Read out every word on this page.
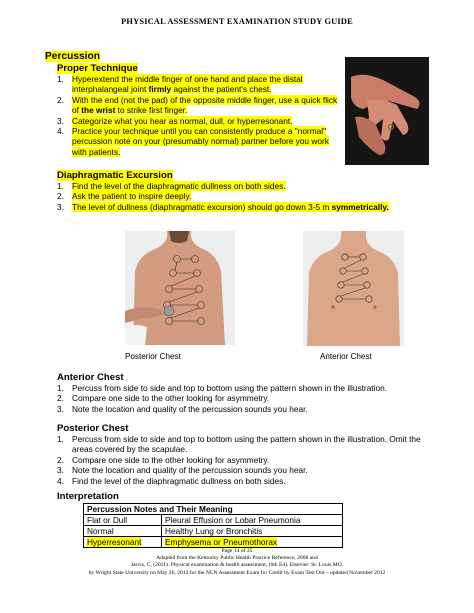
PHYSICAL ASSESSMENT EXAMINATION STUDY GUIDE
Percussion
Proper Technique
1. Hyperextend the middle finger of one hand and place the distal interphalangeal joint firmly against the patient's chest.
2. With the end (not the pad) of the opposite middle finger, use a quick flick of the wrist to strike first finger.
3. Categorize what you hear as normal, dull, or hyperresonant.
4. Practice your technique until you can consistently produce a "normal" percussion note on your (presumably normal) partner before you work with patients.
Diaphragmatic Excursion
1. Find the level of the diaphragmatic dullness on both sides.
2. Ask the patient to inspire deeply.
3. The level of dullness (diaphragmatic excursion) should go down 3-5 m symmetrically.
Posterior Chest	Anterior Chest
Anterior Chest
1. Percuss from side to side and top to bottom using the pattern shown in the illustration.
2. Compare one side to the other looking for asymmetry.
3. Note the location and quality of the percussion sounds you hear.
Posterior Chest
1. Percuss from side to side and top to bottom using the pattern shown in the illustration. Omit the areas covered by the scapulae.
2. Compare one side to the other looking for asymmetry.
3. Note the location and quality of the percussion sounds you hear.
4. Find the level of the diaphragmatic dullness on both sides.
Interpretation
Percussion Notes and Their Meaning	
Flat or Dull	Pleural Effusion or Lobar Pneumonia
Normal	Healthy Lung or Bronchitis
Hyperresonant	Emphysema or Pneumothorax
Page 14 of 35
Adapted from the Kentucky Public Health Practice Reference, 2008 and
Jarvis, C, (2011). Physical examination & health assessment, (6th Ed). Elsevier: St. Louis.MO.
by Wright State University on May 26, 2012 for the NLN Assessment Exam for Credit by Exam Test Out – updated November 2012
